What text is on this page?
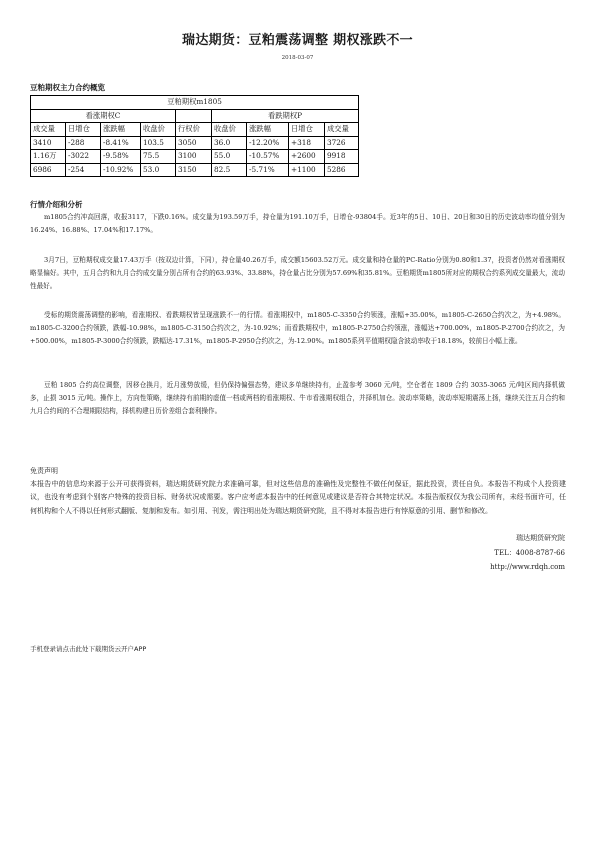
瑞达期货：豆粕震荡调整 期权涨跌不一
2018-03-07
豆粕期权主力合约概览
豆粕期权m1805								
看涨期权C					看跌期权P			
成交量	日增仓	涨跌幅	收盘价	行权价	收盘价	涨跌幅	日增仓	成交量
3410	-288	-8.41%	103.5	3050	36.0	-12.20%	+318	3726
1.16万	-3022	-9.58%	75.5	3100	55.0	-10.57%	+2600	9918
6986	-254	-10.92%	53.0	3150	82.5	-5.71%	+1100	5286
行情介绍和分析
m1805合约冲高回落，收报3117，下跌0.16%。成交量为193.59万手，持仓量为191.10万手，日增仓-93804手。近3年的5日、10日、20日和30日的历史波动率均值分别为16.24%、16.88%、17.04%和17.17%。
3月7日，豆粕期权成交量17.43万手（按双边计算，下同），持仓量40.26万手，成交额15603.52万元。成交量和持仓量的PC-Ratio分别为0.80和1.37，投资者仍然对看涨期权略显偏好。其中，五月合约和九月合约成交量分别占所有合约的63.93%、33.88%，持仓量占比分别为57.69%和35.81%。豆粕期货m1805所对应的期权合约系列成交量最大，流动性最好。
受标的期货震荡调整的影响，看涨期权、看跌期权皆呈现涨跌不一的行情。看涨期权中，m1805-C-3350合约领涨，涨幅+35.00%，m1805-C-2650合约次之，为+4.98%。m1805-C-3200合约领跌，跌幅-10.98%，m1805-C-3150合约次之，为-10.92%；而看跌期权中，m1805-P-2750合约领涨，涨幅达+700.00%，m1805-P-2700合约次之，为+500.00%，m1805-P-3000合约领跌，跌幅达-17.31%，m1805-P-2950合约次之，为-12.90%。m1805系列平值期权隐含波动率收于18.18%，较前日小幅上涨。
豆粕 1805 合约高位调整，因移仓换月，近月涨势放缓，但仍保持偏强态势，建议多单继续持有，止盈参考 3060 元/吨，空仓者在 1809 合约 3035-3065 元/吨区间内择机做多，止损 3015 元/吨。操作上，方向性策略，继续持有前期的虚值一档或两档的看涨期权、牛市看涨期权组合，并择机加仓。波动率策略，波动率短期震荡上扬，继续关注五月合约和九月合约间的不合理期限结构，择机构建日历价差组合套利操作。
免责声明
本报告中的信息均来源于公开可获得资料，瑞达期货研究院力求准确可靠，但对这些信息的准确性及完整性不做任何保证，据此投资，责任自负。本报告不构成个人投资建议，也没有考虑到个别客户特殊的投资目标、财务状况或需要。客户应考虑本报告中的任何意见或建议是否符合其特定状况。本报告版权仅为我公司所有，未经书面许可，任何机构和个人不得以任何形式翻版、复制和发布。如引用、刊发，需注明出处为瑞达期货研究院，且不得对本报告进行有悖原意的引用、删节和修改。
瑞达期货研究院
TEL：4008-8787-66
http://www.rdqh.com
手机登录请点击此处下载期货云开户APP
